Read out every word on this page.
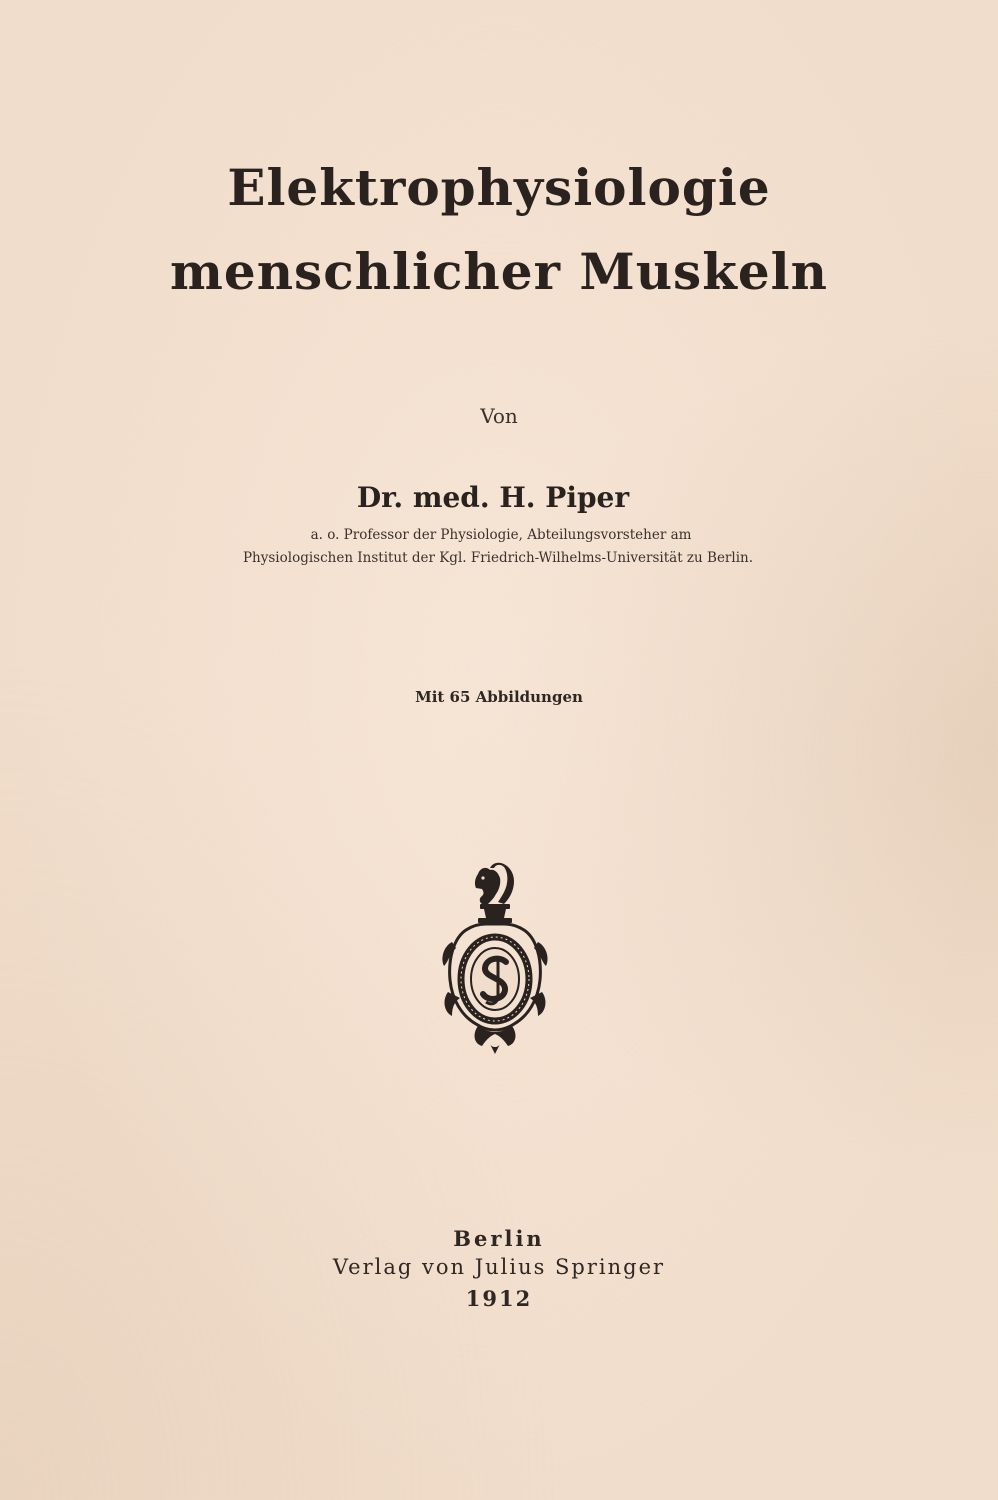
Elektrophysiologie
menschlicher Muskeln
Von
Dr. med. H. Piper
a. o. Professor der Physiologie, Abteilungsvorsteher am
Physiologischen Institut der Kgl. Friedrich-Wilhelms-Universität zu Berlin.
Mit 65 Abbildungen
Berlin
Verlag von Julius Springer
1912
